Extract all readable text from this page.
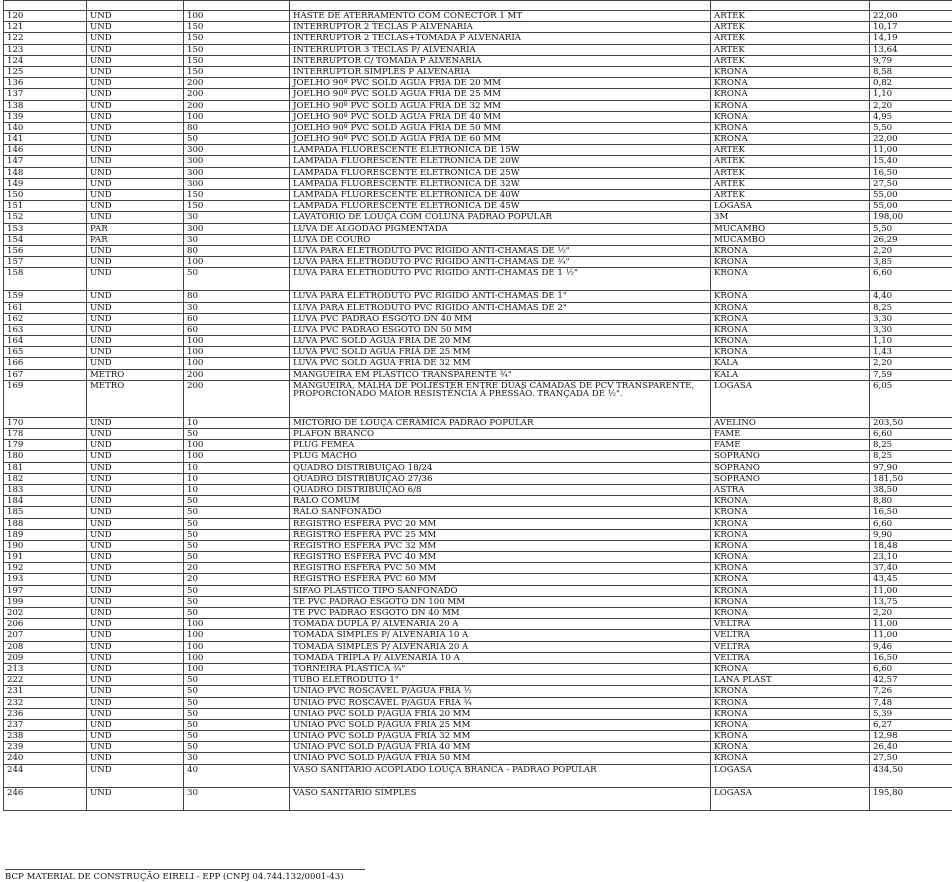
120	UND	100	HASTE DE ATERRAMENTO COM CONECTOR 1 MT	ARTEK	22,00
121	UND	150	INTERRUPTOR 2 TECLAS P ALVENARIA	ARTEK	10,17
122	UND	150	INTERRUPTOR 2 TECLAS+TOMADA P ALVENARIA	ARTEK	14,19
123	UND	150	INTERRUPTOR 3 TECLAS P/ ALVENARIA	ARTEK	13,64
124	UND	150	INTERRUPTOR C/ TOMADA P ALVENARIA	ARTEK	9,79
125	UND	150	INTERRUPTOR SIMPLES P ALVENARIA	KRONA	8,58
136	UND	200	JOELHO 90º PVC SOLD ÁGUA FRIA DE 20 MM	KRONA	0,82
137	UND	200	JOELHO 90º PVC SOLD ÁGUA FRIA DE 25 MM	KRONA	1,10
138	UND	200	JOELHO 90º PVC SOLD ÁGUA FRIA DE 32 MM	KRONA	2,20
139	UND	100	JOELHO 90º PVC SOLD ÁGUA FRIA DE 40 MM	KRONA	4,95
140	UND	80	JOELHO 90º PVC SOLD ÁGUA FRIA DE 50 MM	KRONA	5,50
141	UND	50	JOELHO 90º PVC SOLD ÁGUA FRIA DE 60 MM	KRONA	22,00
146	UND	300	LÂMPADA FLUORESCENTE ELETRÔNICA DE 15W	ARTEK	11,00
147	UND	300	LÂMPADA FLUORESCENTE ELETRÔNICA DE 20W	ARTEK	15,40
148	UND	300	LÂMPADA FLUORESCENTE ELETRÔNICA DE 25W	ARTEK	16,50
149	UND	300	LÂMPADA FLUORESCENTE ELETRÔNICA DE 32W	ARTEK	27,50
150	UND	150	LÂMPADA FLUORESCENTE ELETRÔNICA DE 40W	ARTEK	55,00
151	UND	150	LÂMPADA FLUORESCENTE ELETRÔNICA DE 45W	LOGASA	55,00
152	UND	30	LAVATÓRIO DE LOUÇA COM COLUNA PADRÃO POPULAR	3M	198,00
153	PAR	300	LUVA DE ALGODÃO PIGMENTADA	MUCAMBO	5,50
154	PAR	30	LUVA DE COURO	MUCAMBO	26,29
156	UND	80	LUVA PARA ELETRODUTO PVC RÍGIDO ANTI-CHAMAS DE ½"	KRONA	2,20
157	UND	100	LUVA PARA ELETRODUTO PVC RÍGIDO ANTI-CHAMAS DE ¾"	KRONA	3,85
158	UND	50	LUVA PARA ELETRODUTO PVC RÍGIDO ANTI-CHAMAS DE 1 ½"	KRONA	6,60
159	UND	80	LUVA PARA ELETRODUTO PVC RÍGIDO ANTI-CHAMAS DE 1"	KRONA	4,40
161	UND	30	LUVA PARA ELETRODUTO PVC RÍGIDO ANTI-CHAMAS DE 2"	KRONA	8,25
162	UND	60	LUVA PVC PADRÃO ESGOTO DN 40 MM	KRONA	3,30
163	UND	60	LUVA PVC PADRÃO ESGOTO DN 50 MM	KRONA	3,30
164	UND	100	LUVA PVC SOLD ÁGUA FRIA DE 20 MM	KRONA	1,10
165	UND	100	LUVA PVC SOLD ÁGUA FRIA DE 25 MM	KRONA	1,43
166	UND	100	LUVA PVC SOLD ÁGUA FRIA DE 32 MM	KALA	2,20
167	METRO	200	MANGUEIRA EM PLÁSTICO TRANSPARENTE ¾"	KALA	7,59
169	METRO	200	MANGUEIRA, MALHA DE POLIÉSTER ENTRE DUAS CAMADAS DE PCV TRANSPARENTE, PROPORCIONADO MAIOR RESISTÊNCIA À PRESSÃO. TRANÇADA DE ½".	LOGASA	6,05
170	UND	10	MICTÓRIO DE LOUÇA CERÂMICA PADRÃO POPULAR	AVELINO	203,50
178	UND	50	PLAFON BRANCO	FAME	6,60
179	UND	100	PLUG FEMEA	FAME	8,25
180	UND	100	PLUG MACHO	SOPRANO	8,25
181	UND	10	QUADRO DISTRIBUIÇÃO 18/24	SOPRANO	97,90
182	UND	10	QUADRO DISTRIBUIÇÃO 27/36	SOPRANO	181,50
183	UND	10	QUADRO DISTRIBUIÇÃO 6/8	ASTRA	38,50
184	UND	50	RALO COMUM	KRONA	8,80
185	UND	50	RALO SANFONADO	KRONA	16,50
188	UND	50	REGISTRO ESFERA PVC 20 MM	KRONA	6,60
189	UND	50	REGISTRO ESFERA PVC 25 MM	KRONA	9,90
190	UND	50	REGISTRO ESFERA PVC 32 MM	KRONA	18,48
191	UND	50	REGISTRO ESFERA PVC 40 MM	KRONA	23,10
192	UND	20	REGISTRO ESFERA PVC 50 MM	KRONA	37,40
193	UND	20	REGISTRO ESFERA PVC 60 MM	KRONA	43,45
197	UND	50	SIFÃO PLÁSTICO TIPO SANFONADO	KRONA	11,00
199	UND	50	TÊ PVC PADRÃO ESGOTO DN 100 MM	KRONA	13,75
202	UND	50	TÊ PVC PADRÃO ESGOTO DN 40 MM	KRONA	2,20
206	UND	100	TOMADA DUPLA P/ ALVENARIA 20 A	VELTRA	11,00
207	UND	100	TOMADA SIMPLES P/ ALVENARIA 10 A	VELTRA	11,00
208	UND	100	TOMADA SIMPLES P/ ALVENARIA 20 A	VELTRA	9,46
209	UND	100	TOMADA TRIPLA P/ ALVENARIA 10 A	VELTRA	16,50
213	UND	100	TORNEIRA PLÁSTICA ¾"	KRONA	6,60
222	UND	50	TUBO ELETRODUTO 1"	LANA PLAST	42,57
231	UND	50	UNIÃO PVC ROSCÁVEL P/ÁGUA FRIA ½	KRONA	7,26
232	UND	50	UNIÃO PVC ROSCÁVEL P/ÁGUA FRIA ¾	KRONA	7,48
236	UND	50	UNIÃO PVC SOLD P/ÁGUA FRIA 20 MM	KRONA	5,39
237	UND	50	UNIÃO PVC SOLD P/ÁGUA FRIA 25 MM	KRONA	6,27
238	UND	50	UNIÃO PVC SOLD P/ÁGUA FRIA 32 MM	KRONA	12,98
239	UND	50	UNIÃO PVC SOLD P/ÁGUA FRIA 40 MM	KRONA	26,40
240	UND	30	UNIÃO PVC SOLD P/ÁGUA FRIA 50 MM	KRONA	27,50
244	UND	40	VASO SANITÁRIO ACOPLADO LOUÇA BRANCA - PADRÃO POPULAR	LOGASA	434,50
246	UND	30	VASO SANITÁRIO SIMPLES	LOGASA	195,80
BCP MATERIAL DE CONSTRUÇÃO EIRELI - EPP (CNPJ 04.744.132/0001-43)
